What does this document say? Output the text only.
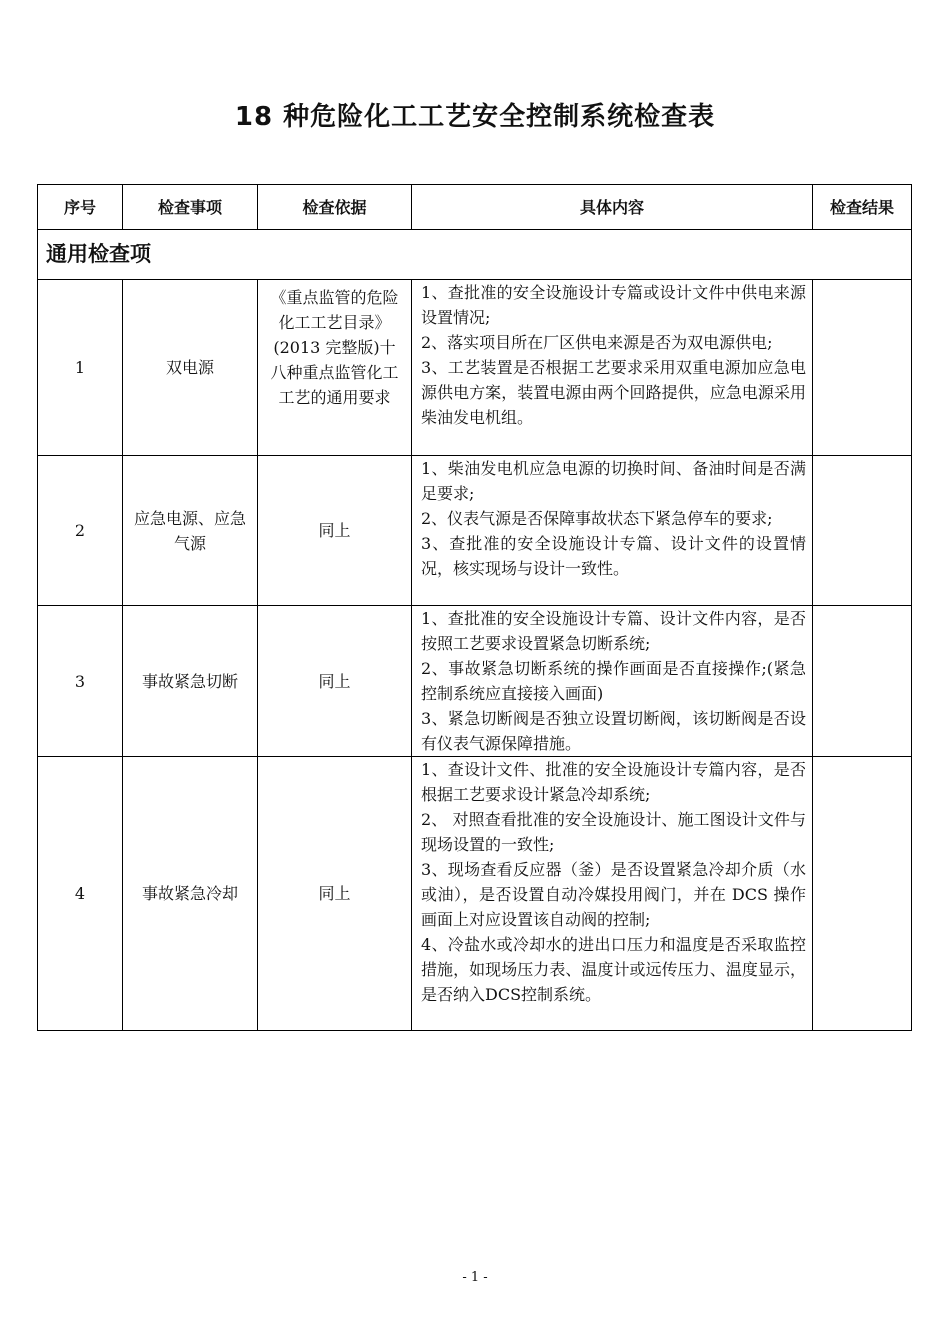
18 种危险化工工艺安全控制系统检查表
序号	检查事项	检查依据	具体内容	检查结果
通用检查项				
1	双电源	《重点监管的危险化工工艺目录》(2013 完整版)十八种重点监管化工工艺的通用要求	1、查批准的安全设施设计专篇或设计文件中供电来源设置情况;

2、落实项目所在厂区供电来源是否为双电源供电;

3、工艺装置是否根据工艺要求采用双重电源加应急电源供电方案，装置电源由两个回路提供，应急电源采用柴油发电机组。	

2	应急电源、应急气源	同上	1、柴油发电机应急电源的切换时间、备油时间是否满足要求;

2、仪表气源是否保障事故状态下紧急停车的要求;

3、查批准的安全设施设计专篇、设计文件的设置情况，核实现场与设计一致性。	

3	事故紧急切断	同上	1、查批准的安全设施设计专篇、设计文件内容，是否按照工艺要求设置紧急切断系统;

2、事故紧急切断系统的操作画面是否直接操作;(紧急控制系统应直接接入画面)

3、紧急切断阀是否独立设置切断阀，该切断阀是否设有仪表气源保障措施。	

4	事故紧急冷却	同上	1、查设计文件、批准的安全设施设计专篇内容，是否根据工艺要求设计紧急冷却系统;

2、 对照查看批准的安全设施设计、施工图设计文件与现场设置的一致性;

3、现场查看反应器（釜）是否设置紧急冷却介质（水或油），是否设置自动冷媒投用阀门，并在 DCS 操作画面上对应设置该自动阀的控制;

4、冷盐水或冷却水的进出口压力和温度是否采取监控措施，如现场压力表、温度计或远传压力、温度显示，是否纳入DCS控制系统。	

- 1 -
